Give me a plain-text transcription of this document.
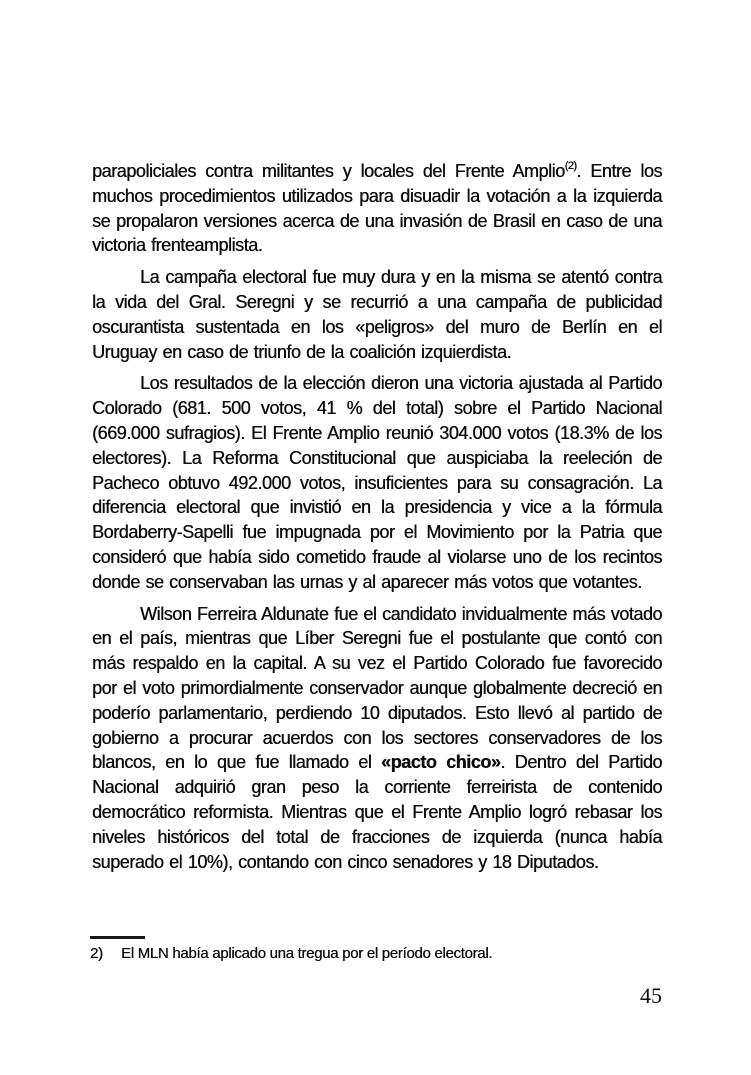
parapoliciales contra militantes y locales del Frente Amplio$^{(2)}$. Entre los muchos procedimientos utilizados para disuadir la votación a la izquierda se propalaron versiones acerca de una invasión de Brasil en caso de una victoria frenteamplista.

La campaña electoral fue muy dura y en la misma se atentó contra la vida del Gral. Seregni y se recurrió a una campaña de publicidad oscurantista sustentada en los «peligros» del muro de Berlín en el Uruguay en caso de triunfo de la coalición izquierdista.

Los resultados de la elección dieron una victoria ajustada al Partido Colorado (681. 500 votos, 41 % del total) sobre el Partido Nacional (669.000 sufragios). El Frente Amplio reunió 304.000 votos (18.3% de los electores). La Reforma Constitucional que auspiciaba la reeleción de Pacheco obtuvo 492.000 votos, insuficientes para su consagración. La diferencia electoral que invistió en la presidencia y vice a la fórmula Bordaberry-Sapelli fue impugnada por el Movimiento por la Patria que consideró que había sido cometido fraude al violarse uno de los recintos donde se conservaban las urnas y al aparecer más votos que votantes.

Wilson Ferreira Aldunate fue el candidato invidualmente más votado en el país, mientras que Líber Seregni fue el postulante que contó con más respaldo en la capital. A su vez el Partido Colorado fue favorecido por el voto primordialmente conservador aunque globalmente decreció en poderío parlamentario, perdiendo 10 diputados. Esto llevó al partido de gobierno a procurar acuerdos con los sectores conservadores de los blancos, en lo que fue llamado el «pacto chico». Dentro del Partido Nacional adquirió gran peso la corriente ferreirista de contenido democrático reformista. Mientras que el Frente Amplio logró rebasar los niveles históricos del total de fracciones de izquierda (nunca había superado el 10%), contando con cinco senadores y 18 Diputados.

2) El MLN había aplicado una tregua por el período electoral.
45
